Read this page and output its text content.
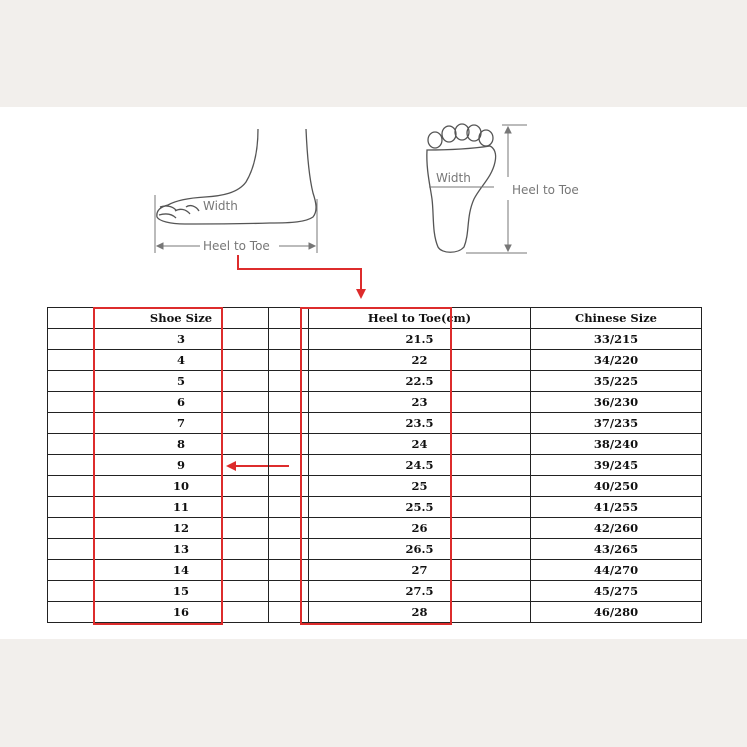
Width
Heel to Toe
Width
Heel to Toe
	Shoe Size		Heel to Toe(cm)	Chinese Size
	3		21.5	33/215
	4		22	34/220
	5		22.5	35/225
	6		23	36/230
	7		23.5	37/235
	8		24	38/240
	9		24.5	39/245
	10		25	40/250
	11		25.5	41/255
	12		26	42/260
	13		26.5	43/265
	14		27	44/270
	15		27.5	45/275
	16		28	46/280
